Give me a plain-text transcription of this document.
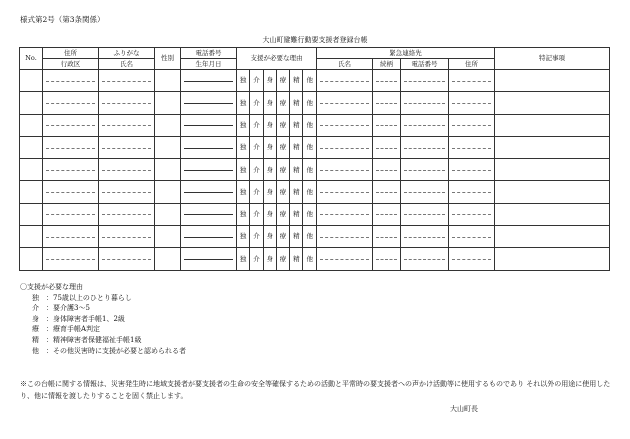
様式第2号（第3条関係）
大山町避難行動要支援者登録台帳
No.	住所	ふりがな	性別	電話番号	支援が必要な理由						緊急連絡先				特記事項
	行政区	氏名		生年月日							氏名	続柄	電話番号	住所	

	独	介	身	療	精	他	

	独	介	身	療	精	他	

	独	介	身	療	精	他	

	独	介	身	療	精	他	

	独	介	身	療	精	他	

	独	介	身	療	精	他	

	独	介	身	療	精	他	

	独	介	身	療	精	他	

	独	介	身	療	精	他	

〇支援が必要な理由
独	：75歳以上のひとり暮らし
介	：要介護3～5
身	：身体障害者手帳1、2級
療	：療育手帳A判定
精	：精神障害者保健福祉手帳1級
他	：その他災害時に支援が必要と認められる者
※この台帳に関する情報は、災害発生時に地域支援者が要支援者の生命の安全等確保するための活動と平常時の要支援者への声かけ活動等に使用するものであり それ以外の用途に使用したり、他に情報を渡したりすることを固く禁止します。
大山町長
